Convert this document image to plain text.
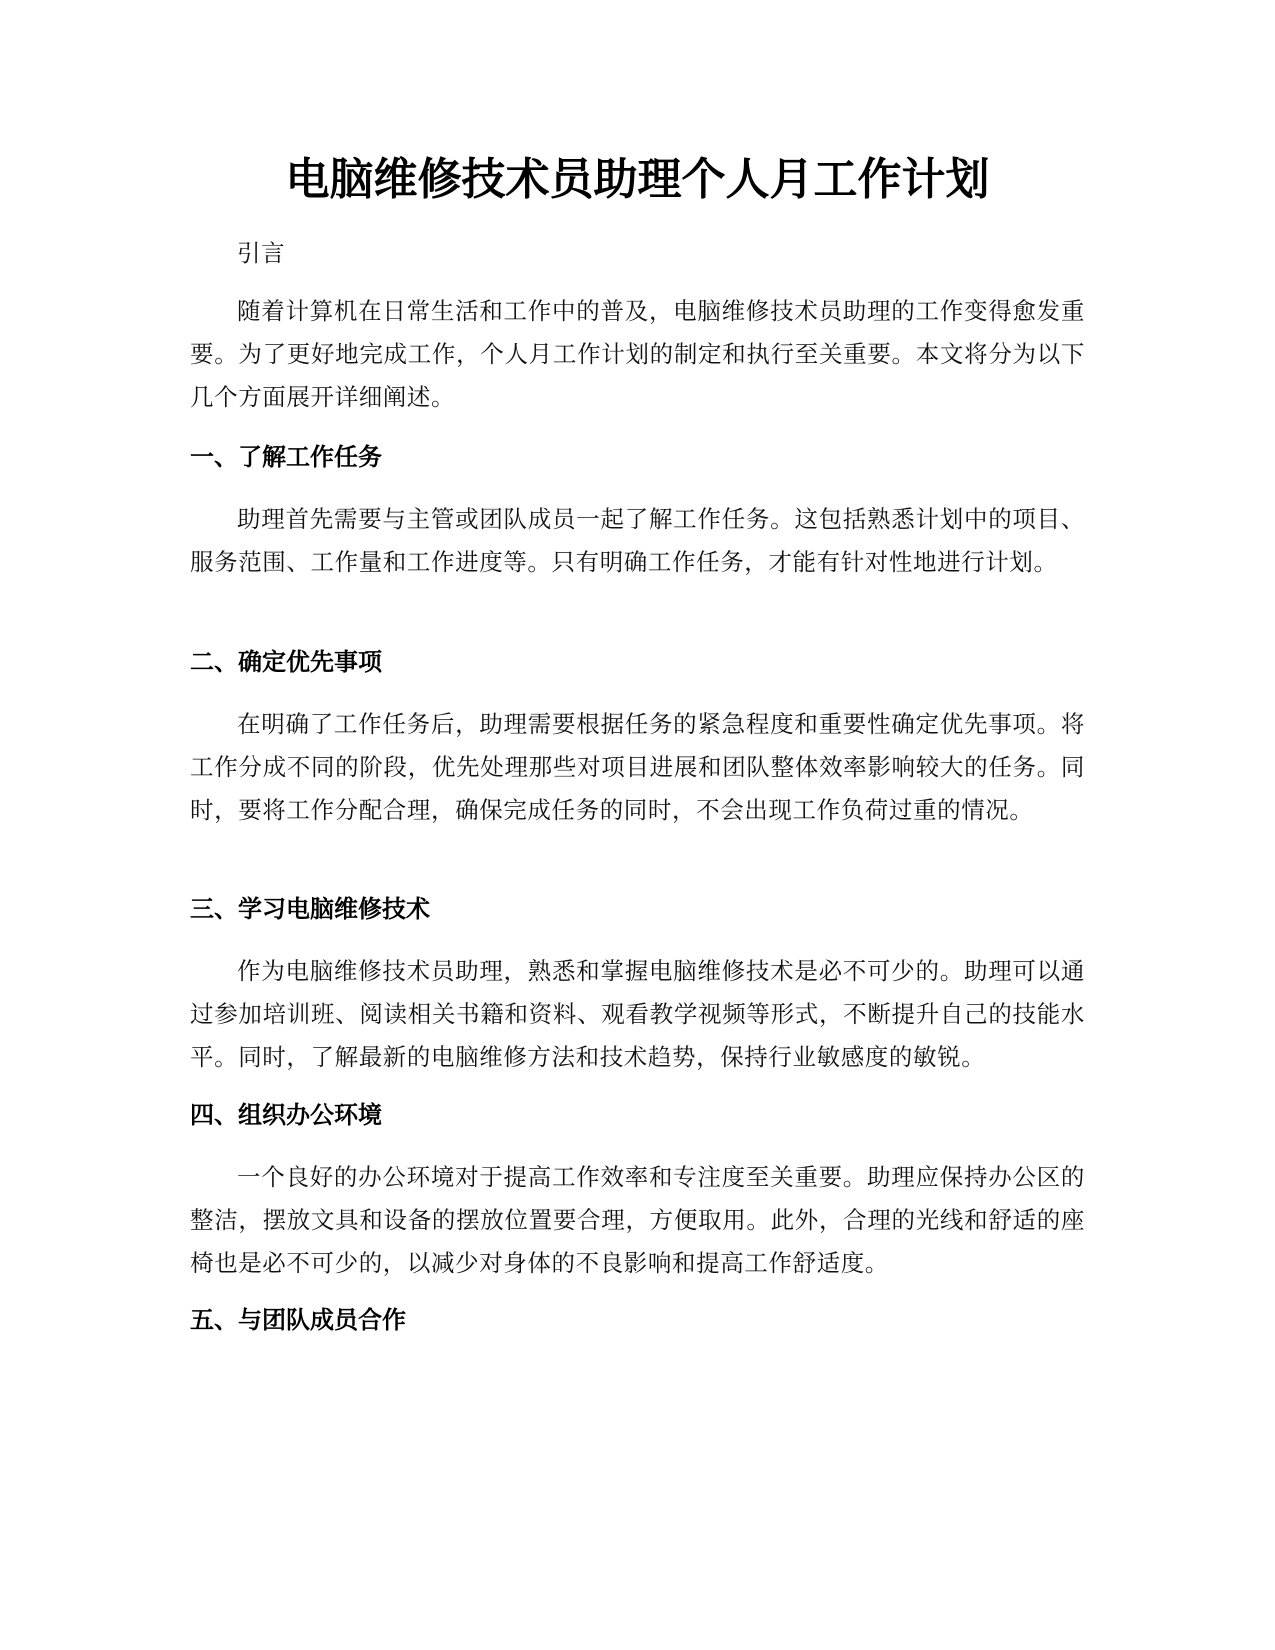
电脑维修技术员助理个人月工作计划

引言

随着计算机在日常生活和工作中的普及，电脑维修技术员助理的工作变得愈发重要。为了更好地完成工作，个人月工作计划的制定和执行至关重要。本文将分为以下几个方面展开详细阐述。

一、了解工作任务

助理首先需要与主管或团队成员一起了解工作任务。这包括熟悉计划中的项目、服务范围、工作量和工作进度等。只有明确工作任务，才能有针对性地进行计划。

二、确定优先事项

在明确了工作任务后，助理需要根据任务的紧急程度和重要性确定优先事项。将工作分成不同的阶段，优先处理那些对项目进展和团队整体效率影响较大的任务。同时，要将工作分配合理，确保完成任务的同时，不会出现工作负荷过重的情况。

三、学习电脑维修技术

作为电脑维修技术员助理，熟悉和掌握电脑维修技术是必不可少的。助理可以通过参加培训班、阅读相关书籍和资料、观看教学视频等形式，不断提升自己的技能水平。同时，了解最新的电脑维修方法和技术趋势，保持行业敏感度的敏锐。

四、组织办公环境

一个良好的办公环境对于提高工作效率和专注度至关重要。助理应保持办公区的整洁，摆放文具和设备的摆放位置要合理，方便取用。此外，合理的光线和舒适的座椅也是必不可少的，以减少对身体的不良影响和提高工作舒适度。

五、与团队成员合作
